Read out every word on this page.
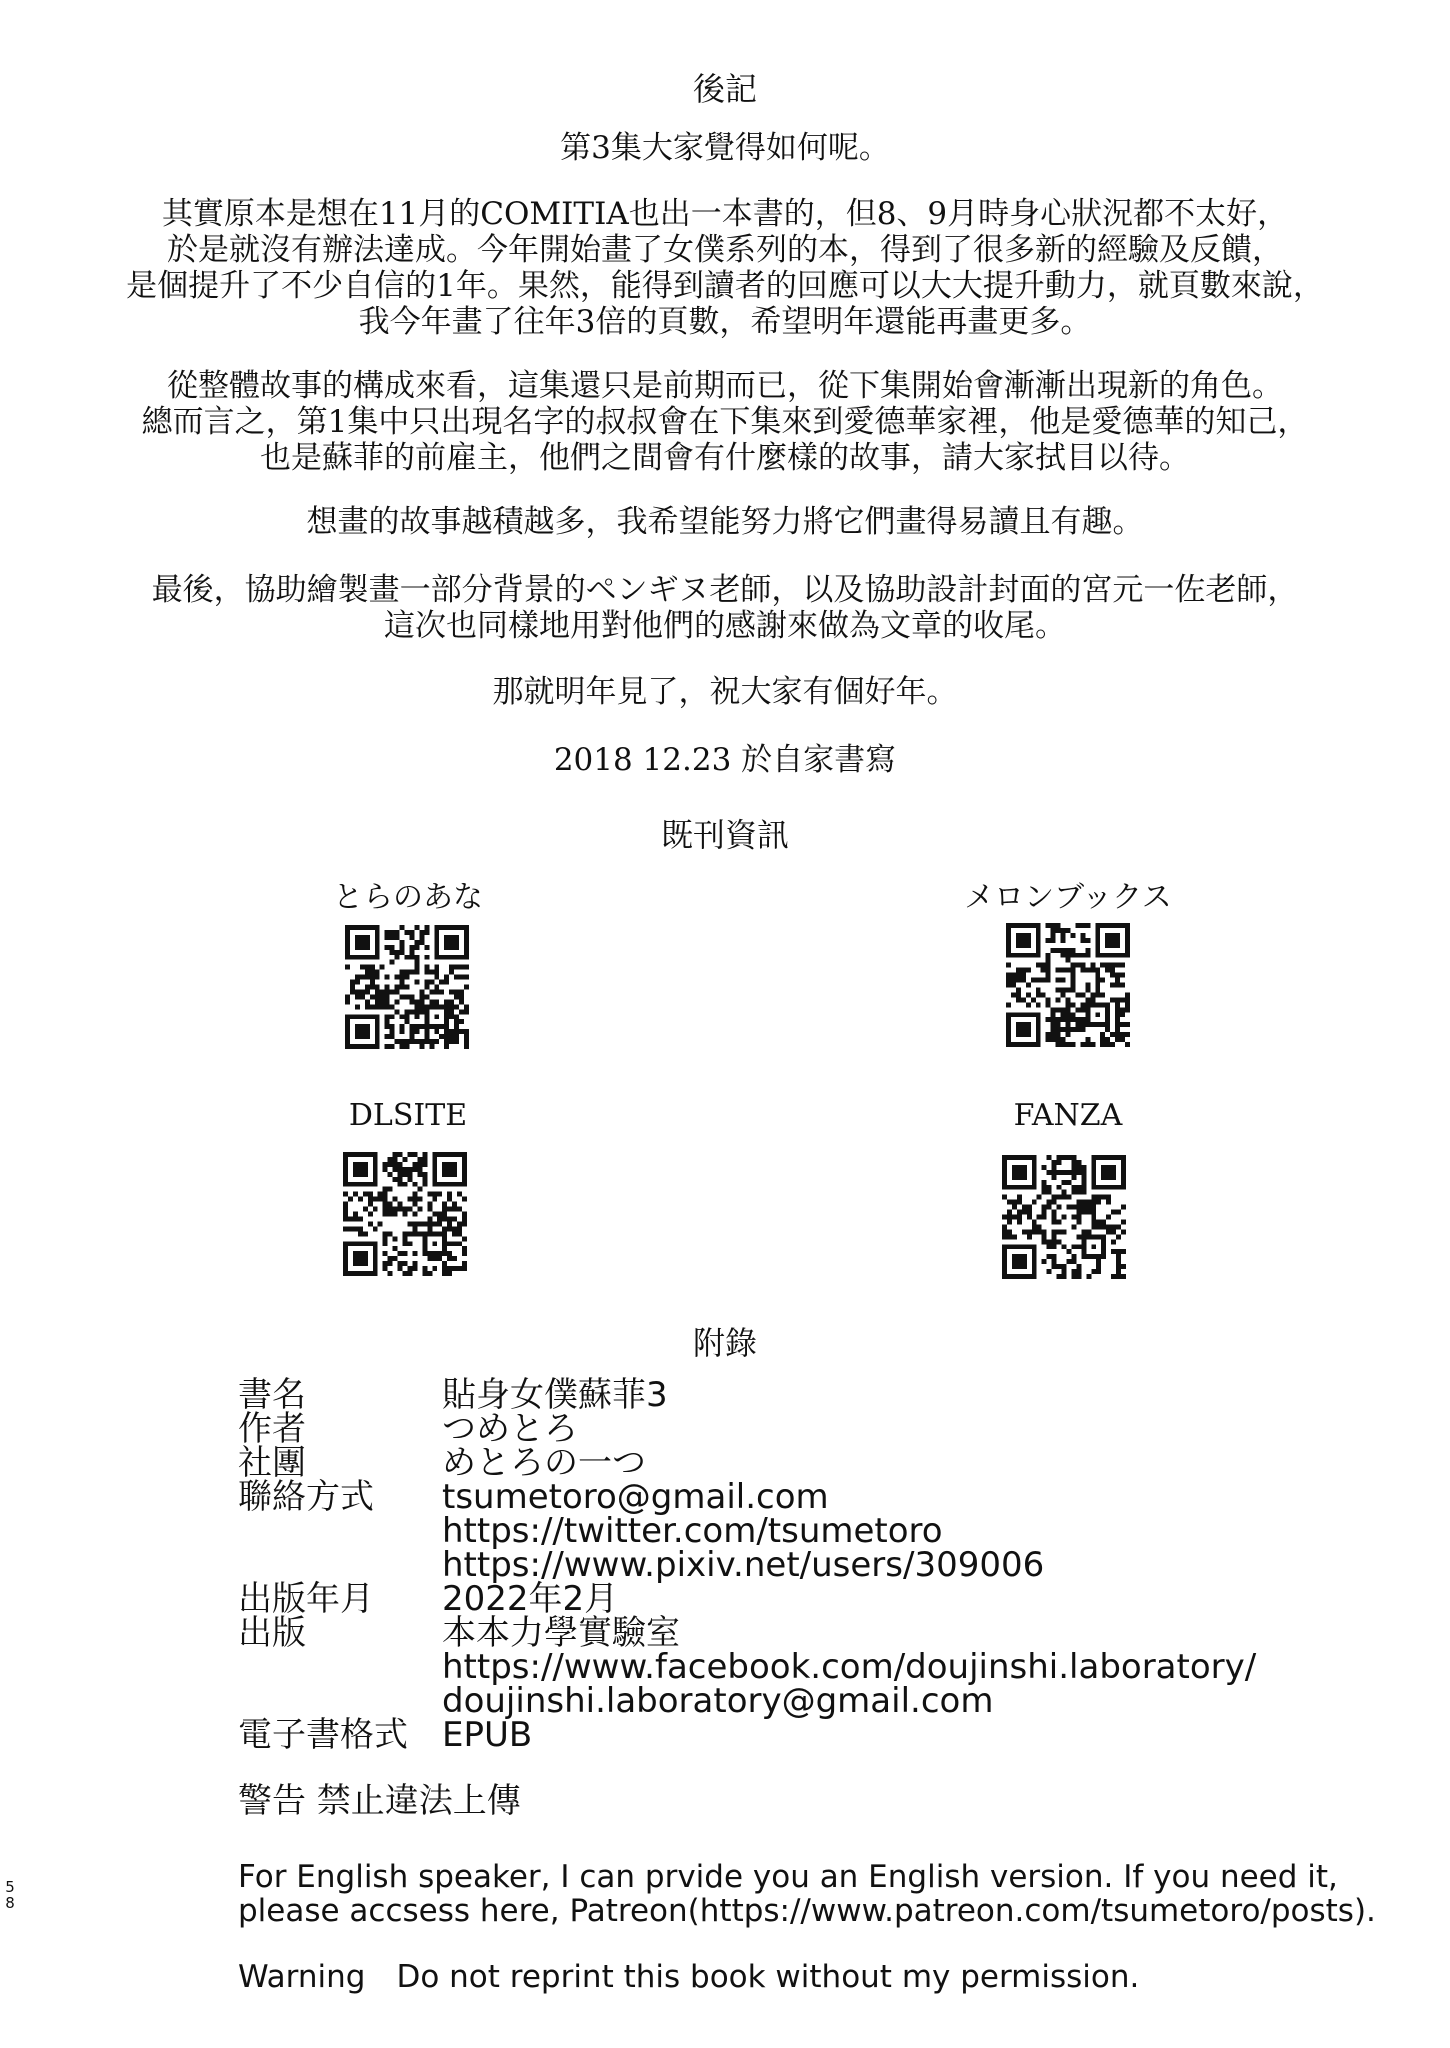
後記
第3集大家覺得如何呢。
其實原本是想在11月的COMITIA也出一本書的，但8、9月時身心狀況都不太好，
於是就沒有辦法達成。今年開始畫了女僕系列的本，得到了很多新的經驗及反饋，
是個提升了不少自信的1年。果然，能得到讀者的回應可以大大提升動力，就頁數來說，
我今年畫了往年3倍的頁數，希望明年還能再畫更多。
從整體故事的構成來看，這集還只是前期而已，從下集開始會漸漸出現新的角色。
總而言之，第1集中只出現名字的叔叔會在下集來到愛德華家裡，他是愛德華的知己，
也是蘇菲的前雇主，他們之間會有什麼樣的故事，請大家拭目以待。
想畫的故事越積越多，我希望能努力將它們畫得易讀且有趣。
最後，協助繪製畫一部分背景的ペンギヌ老師，以及協助設計封面的宮元一佐老師，
這次也同樣地用對他們的感謝來做為文章的收尾。
那就明年見了，祝大家有個好年。
2018 12.23 於自家書寫
既刊資訊
とらのあな	メロンブックス
DLSITE	FANZA
附錄
書名	貼身女僕蘇菲3
作者	つめとろ
社團	めとろの一つ
聯絡方式 tsumetoro@gmail.com
https://twitter.com/tsumetoro
https://www.pixiv.net/users/309006
出版年月 2022年2月
出版	本本力學實驗室
https://www.facebook.com/doujinshi.laboratory/
doujinshi.laboratory@gmail.com
電子書格式 EPUB
警告 禁止違法上傳
For English speaker, I can prvide you an English version. If you need it,
please accsess here, Patreon(https://www.patreon.com/tsumetoro/posts).
Warning　Do not reprint this book without my permission.
5
8
